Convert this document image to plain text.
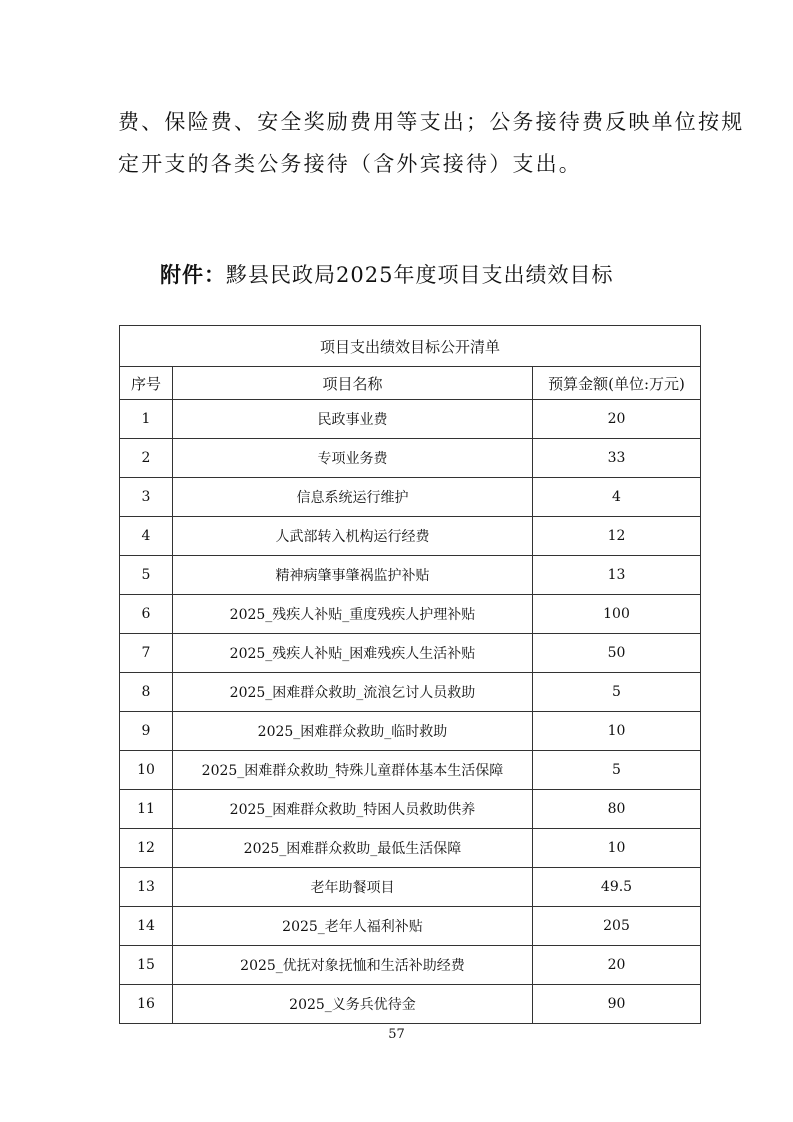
费、保险费、安全奖励费用等支出；公务接待费反映单位按规

定开支的各类公务接待（含外宾接待）支出。

附件：黟县民政局2025年度项目支出绩效目标
项目支出绩效目标公开清单		
序号	项目名称	预算金额(单位:万元)
1	民政事业费	20
2	专项业务费	33
3	信息系统运行维护	4
4	人武部转入机构运行经费	12
5	精神病肇事肇祸监护补贴	13
6	2025_残疾人补贴_重度残疾人护理补贴	100
7	2025_残疾人补贴_困难残疾人生活补贴	50
8	2025_困难群众救助_流浪乞讨人员救助	5
9	2025_困难群众救助_临时救助	10
10	2025_困难群众救助_特殊儿童群体基本生活保障	5
11	2025_困难群众救助_特困人员救助供养	80
12	2025_困难群众救助_最低生活保障	10
13	老年助餐项目	49.5
14	2025_老年人福利补贴	205
15	2025_优抚对象抚恤和生活补助经费	20
16	2025_义务兵优待金	90
57
